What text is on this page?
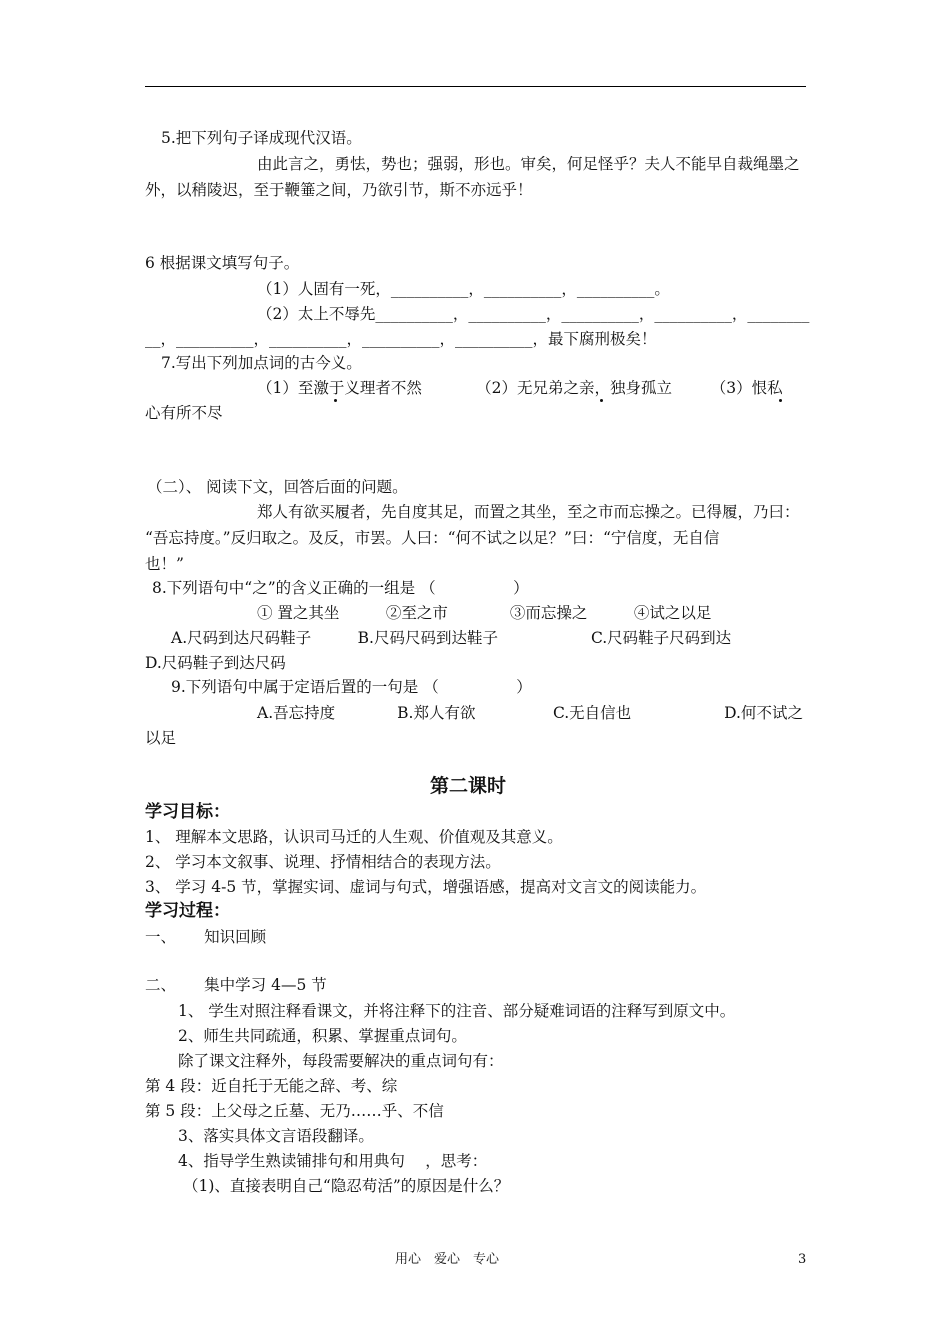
5.把下列句子译成现代汉语。
由此言之，勇怯，势也；强弱，形也。审矣，何足怪乎？夫人不能早自裁绳墨之
外，以稍陵迟，至于鞭箠之间，乃欲引节，斯不亦远乎！
6 根据课文填写句子。
（1）人固有一死，__________，__________，__________。
（2）太上不辱先__________，__________，__________，__________，________
__，__________，__________，__________，__________，最下腐刑极矣！
7.写出下列加点词的古今义。
（1）至激于义理者不然　　　　（2）无兄弟之亲，独身孤立　　　（3）恨私
心有所不尽
（二）、 阅读下文，回答后面的问题。
郑人有欲买履者，先自度其足，而置之其坐，至之市而忘操之。已得履，乃曰：
“吾忘持度。”反归取之。及反，市罢。人曰：“何不试之以足？”曰：“宁信度，无自信
也！”
8.下列语句中“之”的含义正确的一组是 （　　　　　）
① 置之其坐　　　②至之市　　　　③而忘操之　　　④试之以足
A.尺码到达尺码鞋子　　　B.尺码尺码到达鞋子　　　　　　C.尺码鞋子尺码到达
D.尺码鞋子到达尺码
9.下列语句中属于定语后置的一句是 （　　　　　）
A.吾忘持度　　　　B.郑人有欲　　　　　C.无自信也　　　　　　D.何不试之
以足
第二课时
学习目标：
1、 理解本文思路，认识司马迁的人生观、价值观及其意义。
2、 学习本文叙事、说理、抒情相结合的表现方法。
3、 学习 4-5 节，掌握实词、虚词与句式，增强语感，提高对文言文的阅读能力。
学习过程：
一、　　 知识回顾
二、　　 集中学习 4—5 节
1、 学生对照注释看课文，并将注释下的注音、部分疑难词语的注释写到原文中。
2、师生共同疏通，积累、掌握重点词句。
除了课文注释外，每段需要解决的重点词句有：
第 4 段：近自托于无能之辞、考、综
第 5 段：上父母之丘墓、无乃……乎、不信
3、落实具体文言语段翻译。
4、指导学生熟读铺排句和用典句　 ，思考：
（1)、直接表明自己“隐忍苟活”的原因是什么？
用心　爱心　专心	3
